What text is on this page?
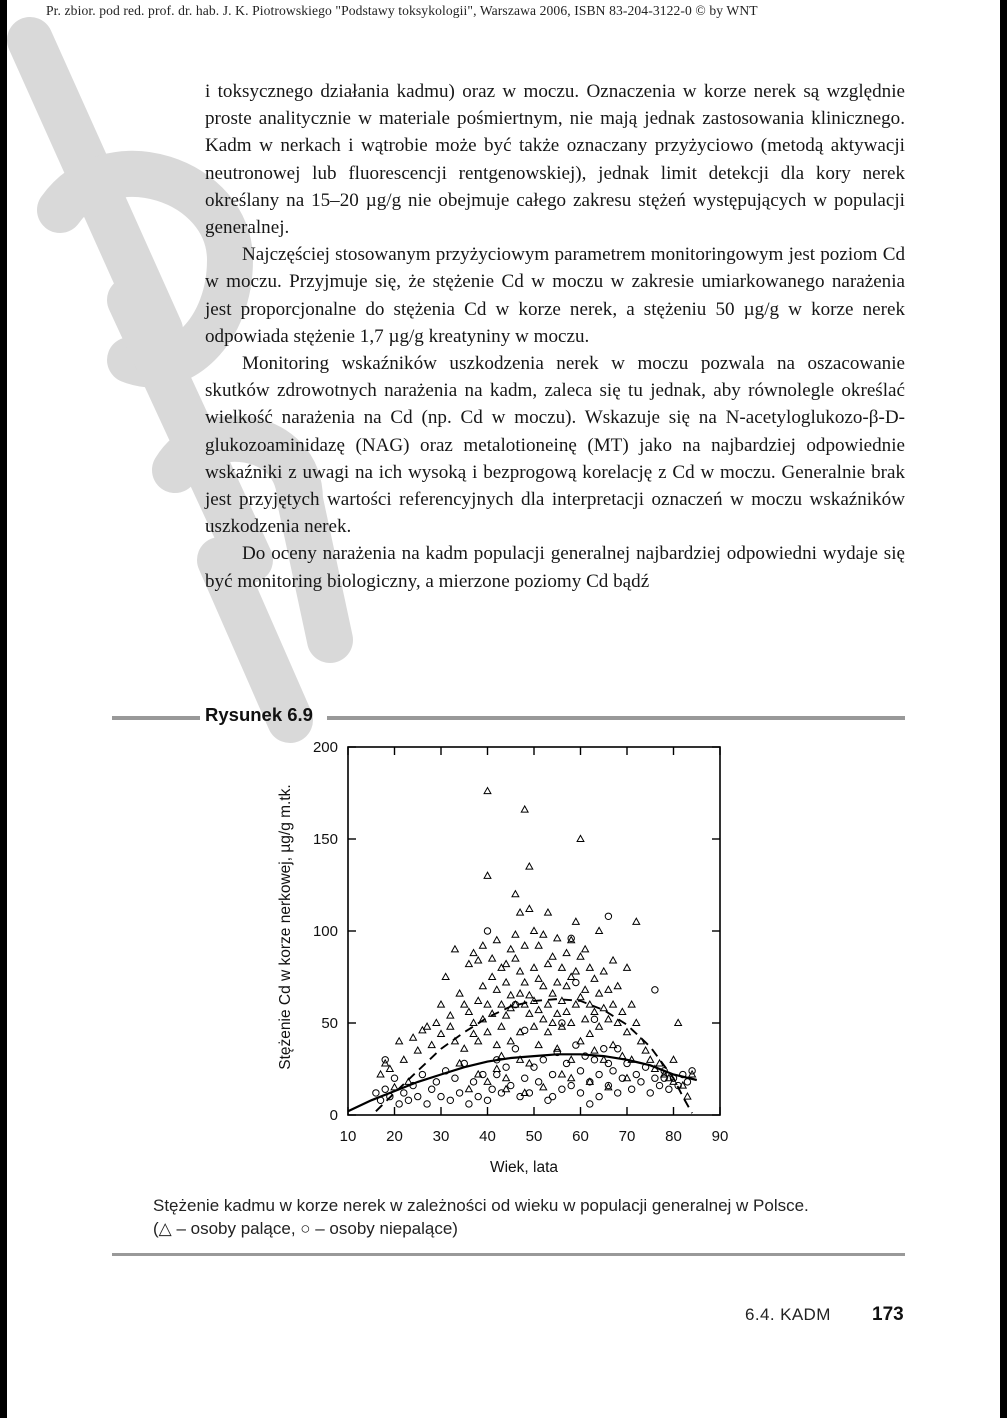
Pr. zbior. pod red. prof. dr. hab. J. K. Piotrowskiego "Podstawy toksykologii", Warszawa 2006, ISBN 83-204-3122-0 © by WNT

i toksycznego działania kadmu) oraz w moczu. Oznaczenia w korze nerek są względnie proste analitycznie w materiale pośmiertnym, nie mają jednak zastosowania klinicznego. Kadm w nerkach i wątrobie może być także oznaczany przyżyciowo (metodą aktywacji neutronowej lub fluorescencji rentgenowskiej), jednak limit detekcji dla kory nerek określany na 15–20 µg/g nie obejmuje całego zakresu stężeń występujących w populacji generalnej.

Najczęściej stosowanym przyżyciowym parametrem monitoringowym jest poziom Cd w moczu. Przyjmuje się, że stężenie Cd w moczu w zakresie umiarkowanego narażenia jest proporcjonalne do stężenia Cd w korze nerek, a stężeniu 50 µg/g w korze nerek odpowiada stężenie 1,7 µg/g kreatyniny w moczu.

Monitoring wskaźników uszkodzenia nerek w moczu pozwala na oszacowanie skutków zdrowotnych narażenia na kadm, zaleca się tu jednak, aby równolegle określać wielkość narażenia na Cd (np. Cd w moczu). Wskazuje się na N-acetyloglukozo-β-D-glukozoaminidazę (NAG) oraz metalotioneinę (MT) jako na najbardziej odpowiednie wskaźniki z uwagi na ich wysoką i bezprogową korelację z Cd w moczu. Generalnie brak jest przyjętych wartości referencyjnych dla interpretacji oznaczeń w moczu wskaźników uszkodzenia nerek.

Do oceny narażenia na kadm populacji generalnej najbardziej odpowiedni wydaje się być monitoring biologiczny, a mierzone poziomy Cd bądź

Rysunek 6.9
Stężenie Cd w korze nerkowej, µg/g m.tk.
Wiek, lata
10 20 30 40 50 60 70 80 90
0
50
100
150
200
Stężenie kadmu w korze nerek w zależności od wieku w populacji generalnej w Polsce.
(△ – osoby palące, ○ – osoby niepalące)
6.4. KADM	173
